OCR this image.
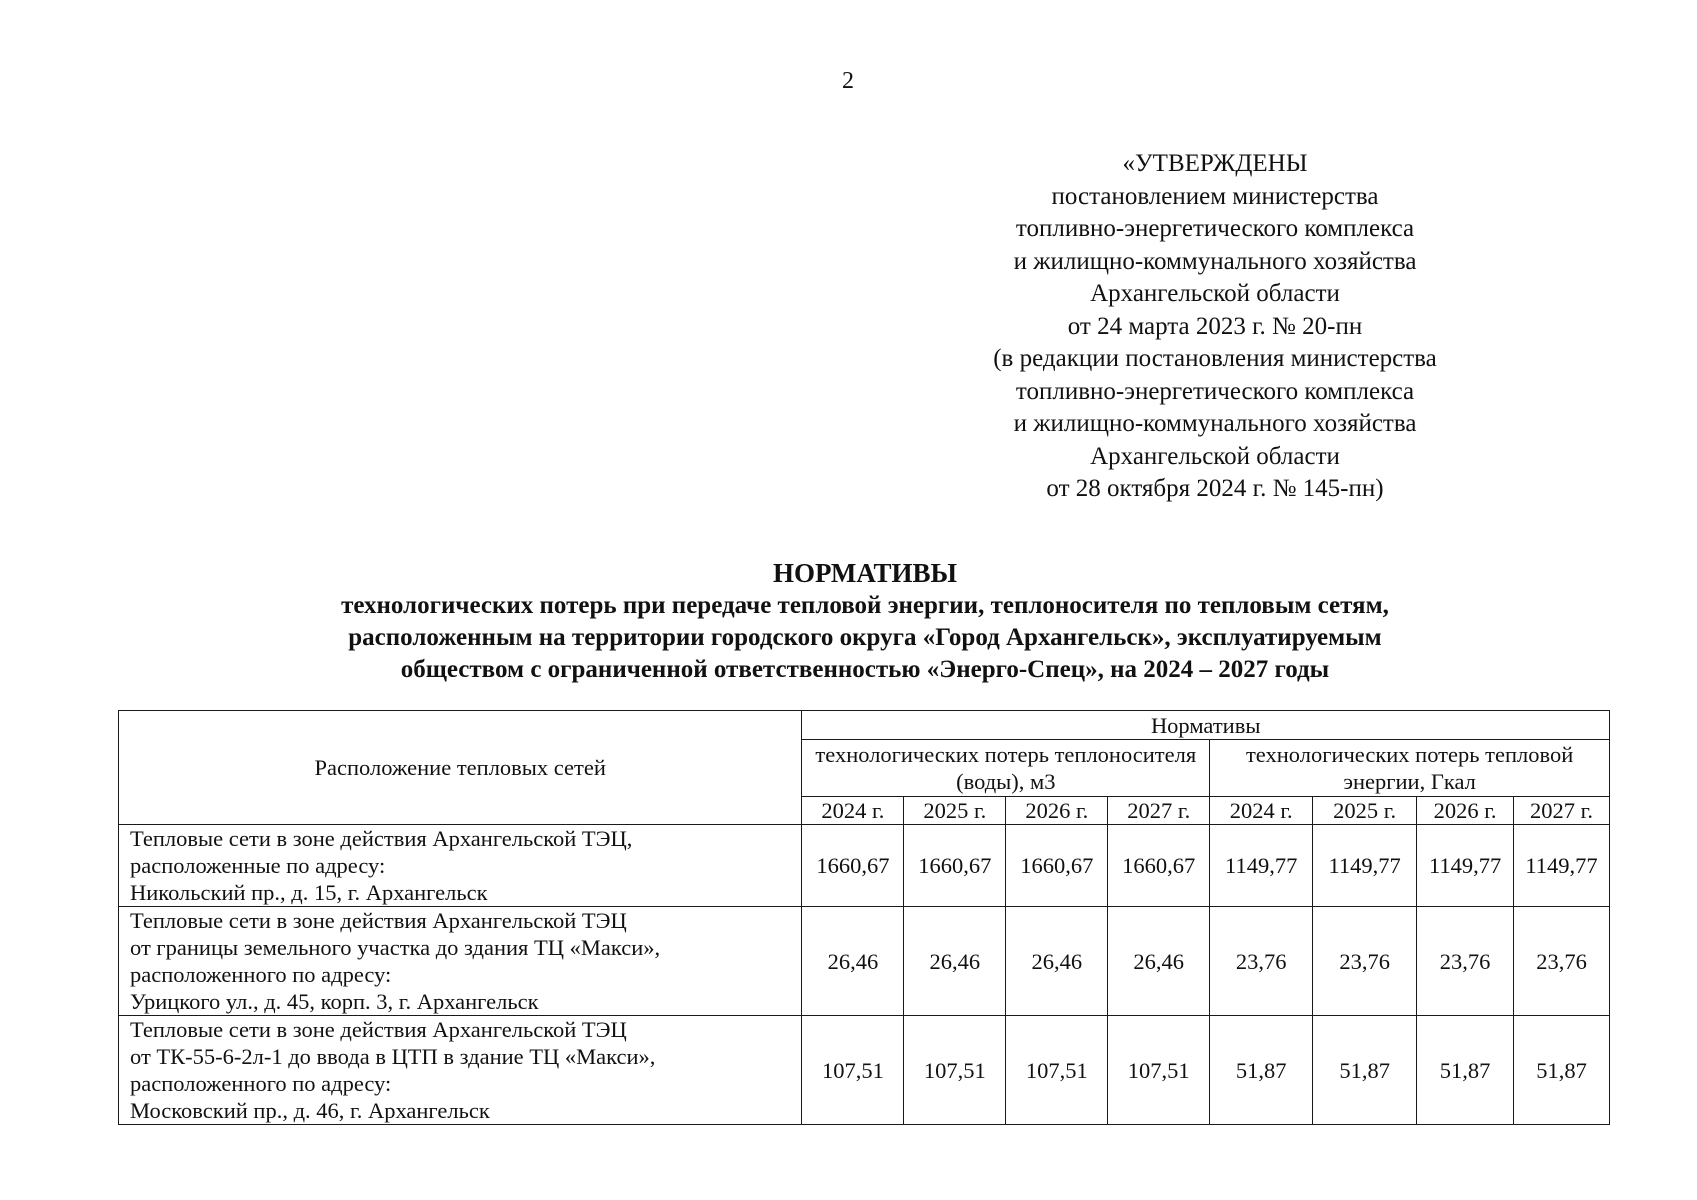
2
«УТВЕРЖДЕНЫ
постановлением министерства
топливно-энергетического комплекса
и жилищно-коммунального хозяйства
Архангельской области
от 24 марта 2023 г. № 20-пн
(в редакции постановления министерства
топливно-энергетического комплекса
и жилищно-коммунального хозяйства
Архангельской области
от 28 октября 2024 г. № 145-пн)
НОРМАТИВЫ
технологических потерь при передаче тепловой энергии, теплоносителя по тепловым сетям,
расположенным на территории городского округа «Город Архангельск», эксплуатируемым
обществом с ограниченной ответственностью «Энерго-Спец», на 2024 – 2027 годы
Расположение тепловых сетей	Нормативы							
	технологических потерь теплоносителя (воды), м3				технологических потерь тепловой энергии, Гкал			
	2024 г.	2025 г.	2026 г.	2027 г.	2024 г.	2025 г.	2026 г.	2027 г.

Тепловые сети в зоне действия Архангельской ТЭЦ,
расположенные по адресу:
Никольский пр., д. 15, г. Архангельск	1660,67	1660,67	1660,67	1660,67	1149,77	1149,77	1149,77	1149,77

Тепловые сети в зоне действия Архангельской ТЭЦ
от границы земельного участка до здания ТЦ «Макси»,
расположенного по адресу:
Урицкого ул., д. 45, корп. 3, г. Архангельск	26,46	26,46	26,46	26,46	23,76	23,76	23,76	23,76

Тепловые сети в зоне действия Архангельской ТЭЦ
от ТК-55-6-2л-1 до ввода в ЦТП в здание ТЦ «Макси»,
расположенного по адресу:
Московский пр., д. 46, г. Архангельск	107,51	107,51	107,51	107,51	51,87	51,87	51,87	51,87
